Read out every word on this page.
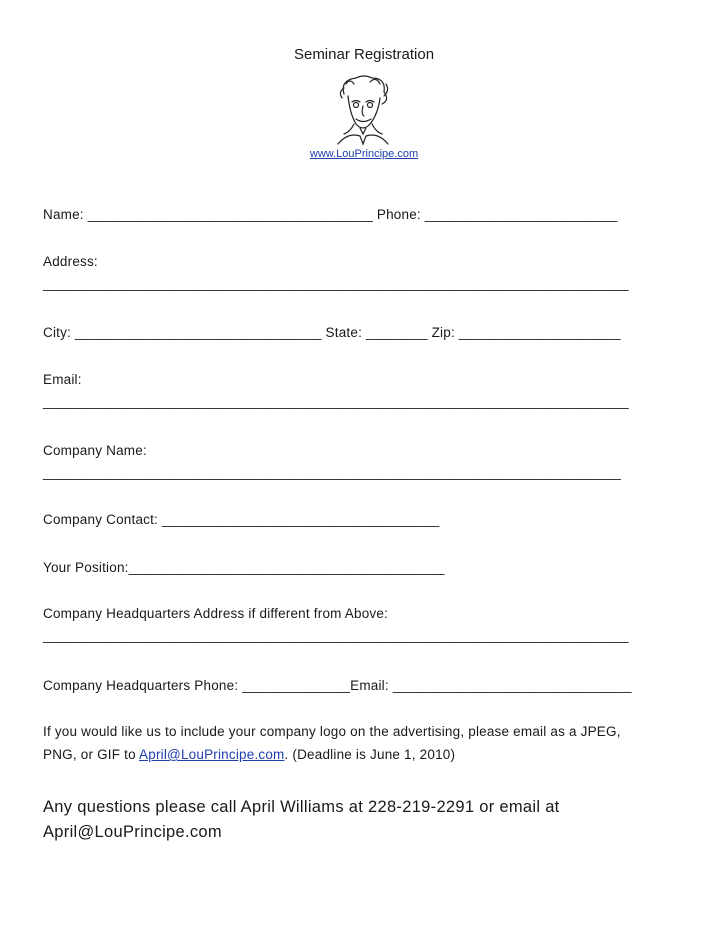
Seminar Registration
www.LouPrincipe.com
Name: _____________________________________ Phone: _________________________
Address:
____________________________________________________________________________
City: ________________________________ State: ________ Zip: _____________________
Email:
____________________________________________________________________________
Company Name:
___________________________________________________________________________
Company Contact: ____________________________________
Your Position:_________________________________________
Company Headquarters Address if different from Above:
____________________________________________________________________________
Company Headquarters Phone: ______________Email: _______________________________
If you would like us to include your company logo on the advertising, please email as a JPEG,
PNG, or GIF to April@LouPrincipe.com. (Deadline is June 1, 2010)
Any questions please call April Williams at 228-219-2291 or email at
April@LouPrincipe.com
